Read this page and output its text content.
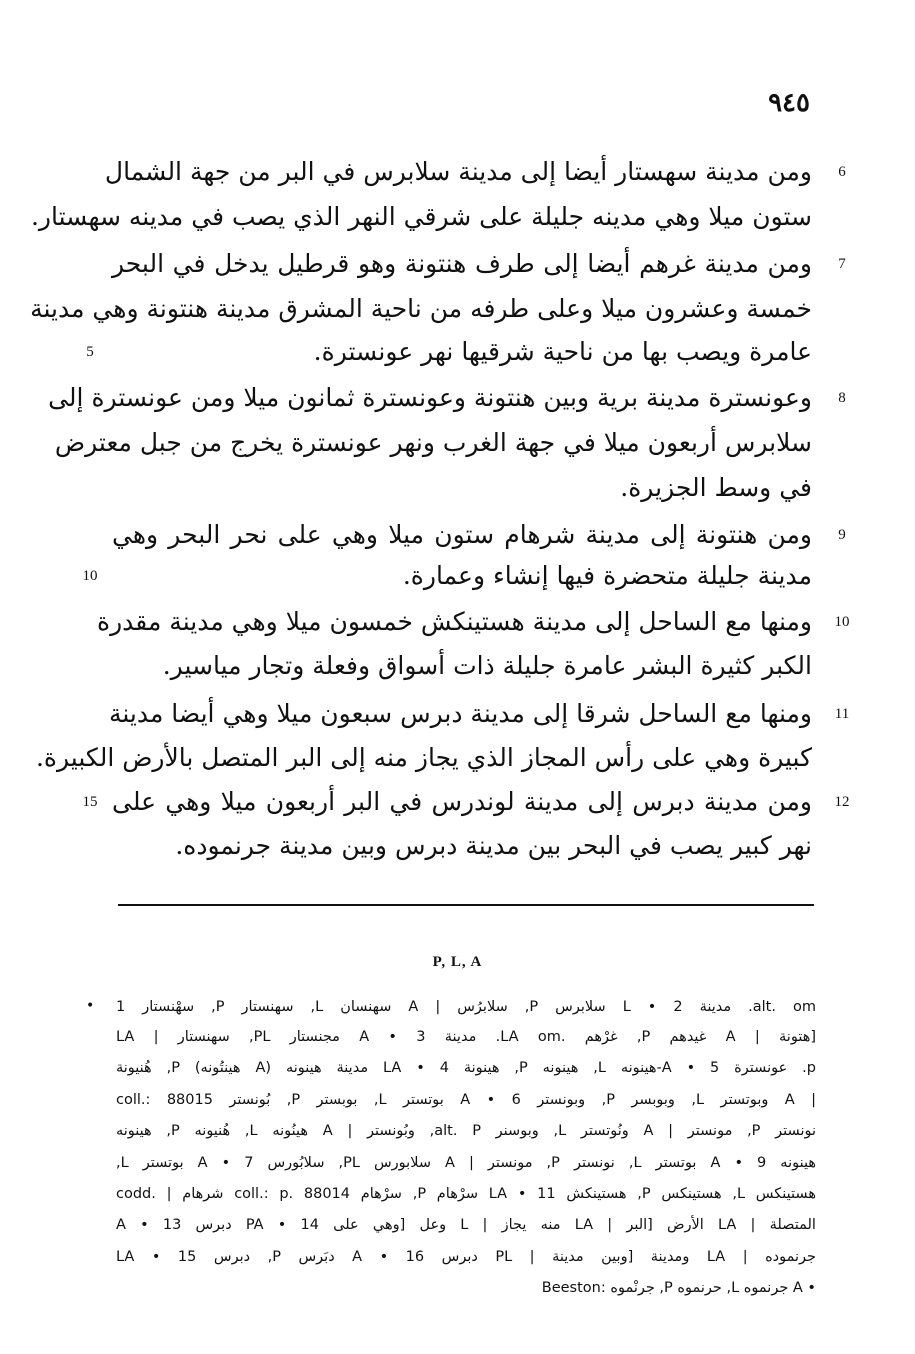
٩٤٥
6
ومن مدينة سهستار أيضا إلى مدينة سلابرس في البر من جهة الشمال
ستون ميلا وهي مدينه جليلة على شرقي النهر الذي يصب في مدينه سهستار.
7
ومن مدينة غرهم أيضا إلى طرف هنتونة وهو قرطيل يدخل في البحر
خمسة وعشرون ميلا وعلى طرفه من ناحية المشرق مدينة هنتونة وهي مدينة
5	عامرة ويصب بها من ناحية شرقيها نهر عونسترة.
8
وعونسترة مدينة برية وبين هنتونة وعونسترة ثمانون ميلا ومن عونسترة إلى
سلابرس أربعون ميلا في جهة الغرب ونهر عونسترة يخرج من جبل معترض
في وسط الجزيرة.
9
ومن هنتونة إلى مدينة شرهام ستون ميلا وهي على نحر البحر وهي
10	مدينة جليلة متحضرة فيها إنشاء وعمارة.
10
ومنها مع الساحل إلى مدينة هستينكش خمسون ميلا وهي مدينة مقدرة
الكبر كثيرة البشر عامرة جليلة ذات أسواق وفعلة وتجار مياسير.
11
ومنها مع الساحل شرقا إلى مدينة دبرس سبعون ميلا وهي أيضا مدينة
كبيرة وهي على رأس المجاز الذي يجاز منه إلى البر المتصل بالأرض الكبيرة.
12
15 ومن مدينة دبرس إلى مدينة لوندرس في البر أربعون ميلا وهي على
نهر كبير يصب في البحر بين مدينة دبرس وبين مدينة جرنموده.
P, L, A
• alt. om. مدينة 2 • L سلابرس P, سلابرُس | A سهنسان L, سهنستار P, سهْنستار 1
[هتونة | A غيدهم P, غرْهم .LA om. مدينة 3 • A مجنستار PL, سهنستار | LA
p. عونسترة 5 • A-هينونه L, هينونه P, هينونة 4 • LA مدينة هينونه (A هينتُونه) P, هُنيونة
| A وبوتستر L, وبوبسر P, وبونستر 6 • A بوتستر L, بوبستر P, بُونستر coll.: 88015
نونستر P, مونستر | A ونُوتستر L, وبوسنر alt. P, وبُونستر | A هينُونه L, هُنيونه P, هينونه
هينونه 9 • A بوتستر L, نونستر P, مونستر | A سلابورس PL, سلابُورس 7 • A بوتستر L,
هستينكس L, هستينكس P, هستينكش 11 • LA سرْهام P, سرْهام coll.: p. 88014 شرهام | .codd
المتصلة | LA الأرض [البر | LA منه يجاز | L وعل [وهي على 14 • PA دبرس 13 • A
جرنموده | LA ومدينة [وبين مدينة | PL دبرس 16 • A دبَرس P, دبرس 15 • LA
• A جرنموه L, حرنموه P, جرنْموه :Beeston
